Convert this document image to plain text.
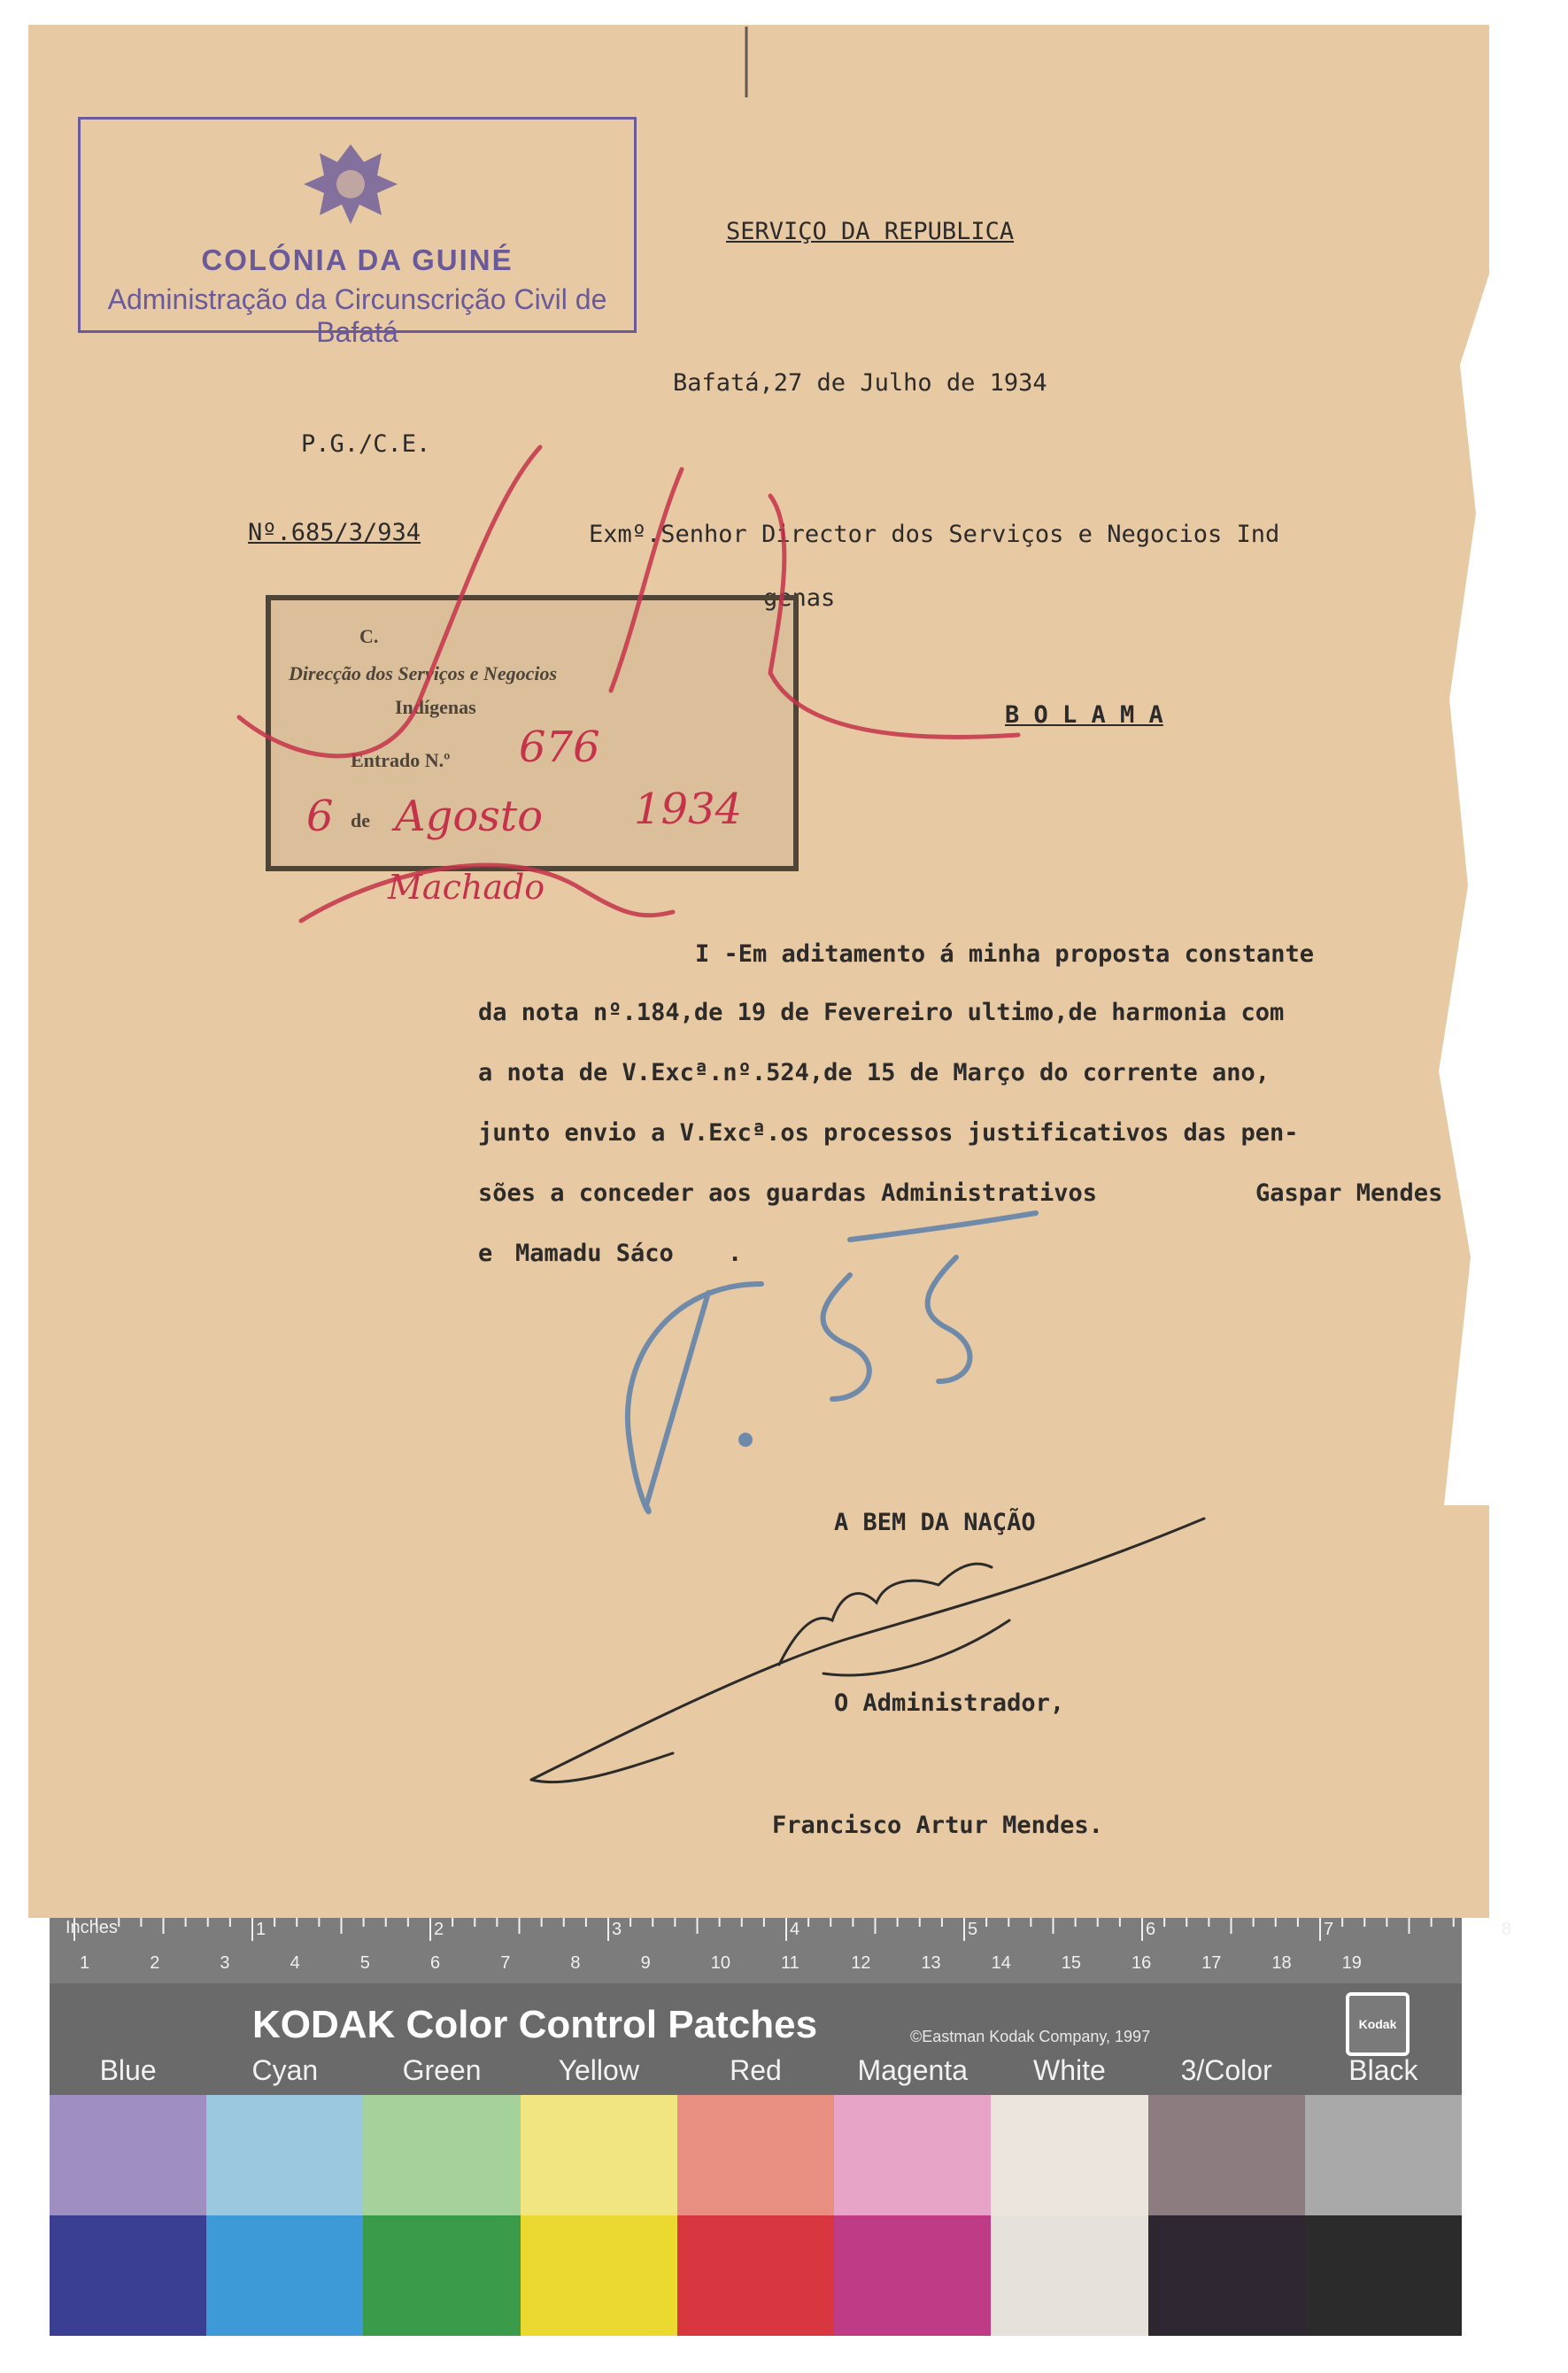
COLÓNIA DA GUINÉ
Administração da Circunscrição Civil de Bafatá
SERVIÇO DA REPUBLICA
Bafatá,27 de Julho de 1934
P.G./C.E.
Nº.685/3/934	Exmº.Senhor Director dos Serviços e Negocios Ind
genas
B O L A M A
C.
Direcção dos Serviços e Negocios
Indígenas
Entrado N.º 676
6 de Agosto 1934
Machado
I -Em aditamento á minha proposta constante
da nota nº.184,de 19 de Fevereiro ultimo,de harmonia com
a nota de V.Excª.nº.524,de 15 de Março do corrente ano,
junto envio a V.Excª.os processos justificativos das pen-
sões a conceder aos guardas Administrativos	Gaspar Mendes
e Mamadu Sáco .
A BEM DA NAÇÃO
O Administrador,
Francisco Artur Mendes.
Inches	1	2	3	4	5	6	7	8
1	2	3	4	5	6	7	8	9	10	11	12	13	14	15	16	17	18	19
KODAK Color Control Patches	©Eastman Kodak Company, 1997
Kodak
Blue	Cyan	Green	Yellow	Red	Magenta	White	3/Color	Black
